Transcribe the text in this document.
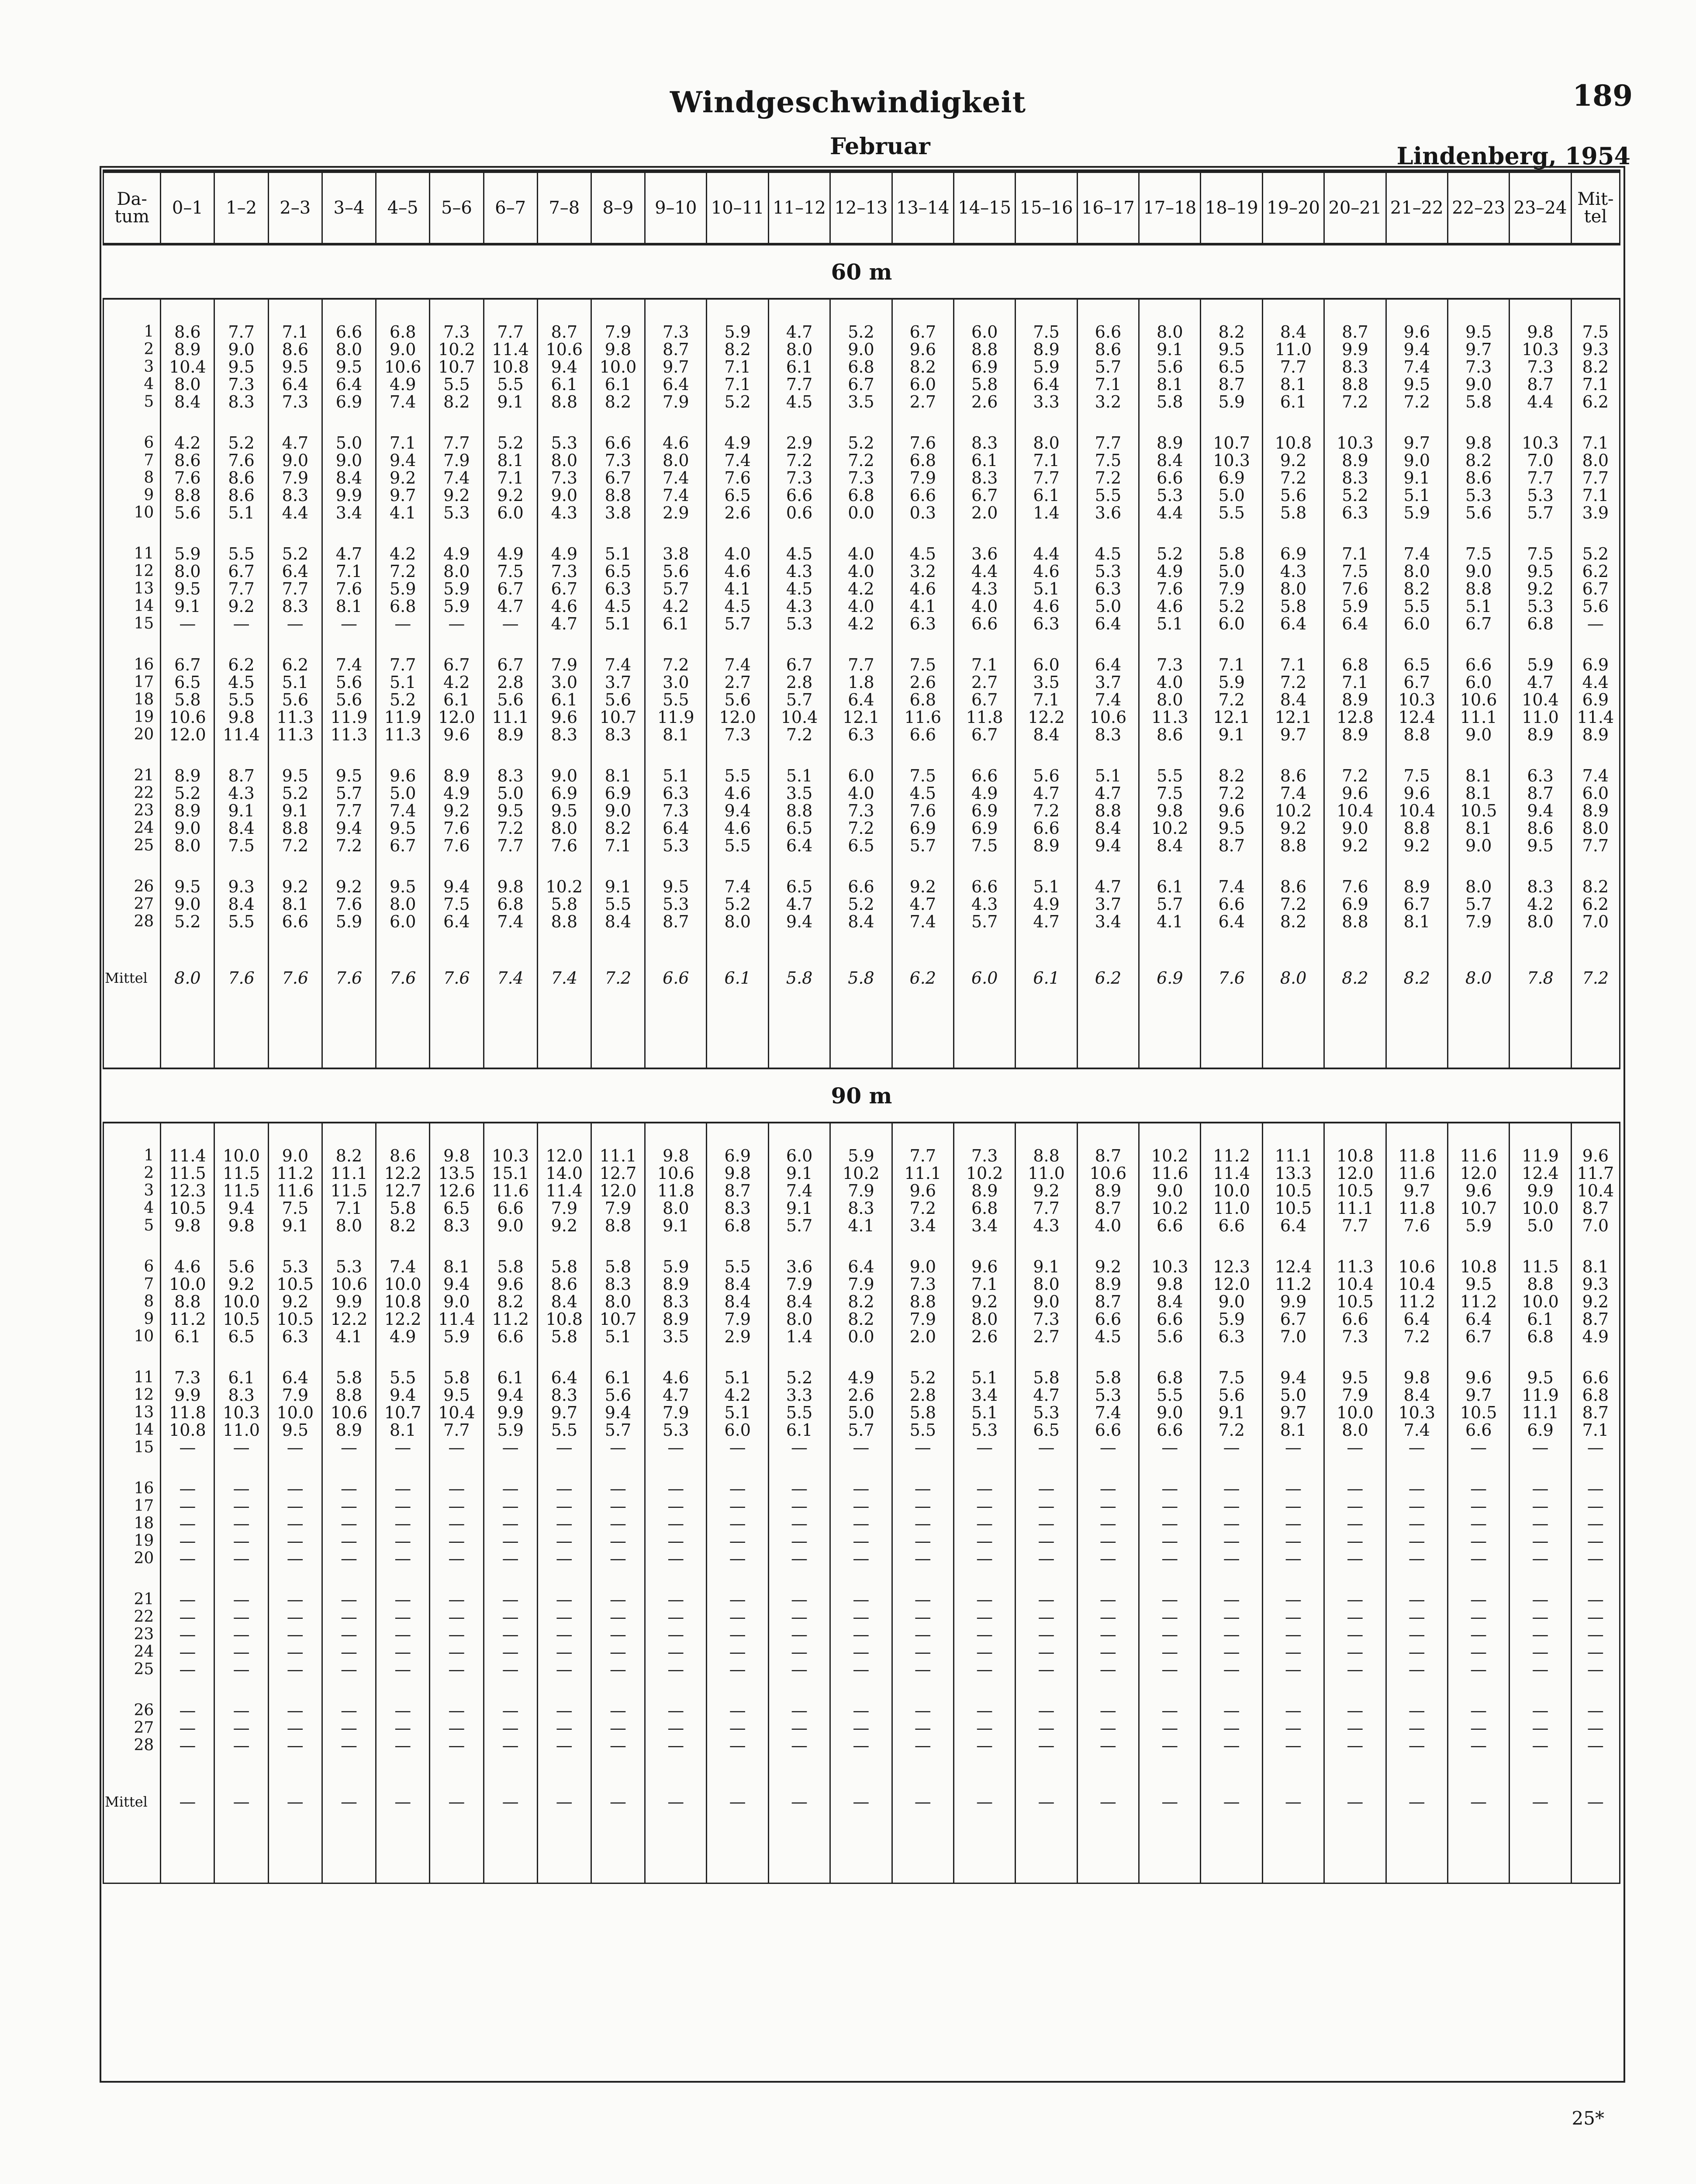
Windgeschwindigkeit	189
Februar	Lindenberg, 1954
Da-tum	0–1	1–2	2–3	3–4	4–5	5–6	6–7	7–8	8–9	9–10	10–11	11–12	12–13	13–14	14–15	15–16	16–17	17–18	18–19	19–20	20–21	21–22	22–23	23–24	Mit-tel
60 m																									

1	8.6	7.7	7.1	6.6	6.8	7.3	7.7	8.7	7.9	7.3	5.9	4.7	5.2	6.7	6.0	7.5	6.6	8.0	8.2	8.4	8.7	9.6	9.5	9.8	7.5
2	8.9	9.0	8.6	8.0	9.0	10.2	11.4	10.6	9.8	8.7	8.2	8.0	9.0	9.6	8.8	8.9	8.6	9.1	9.5	11.0	9.9	9.4	9.7	10.3	9.3
3	10.4	9.5	9.5	9.5	10.6	10.7	10.8	9.4	10.0	9.7	7.1	6.1	6.8	8.2	6.9	5.9	5.7	5.6	6.5	7.7	8.3	7.4	7.3	7.3	8.2
4	8.0	7.3	6.4	6.4	4.9	5.5	5.5	6.1	6.1	6.4	7.1	7.7	6.7	6.0	5.8	6.4	7.1	8.1	8.7	8.1	8.8	9.5	9.0	8.7	7.1
5	8.4	8.3	7.3	6.9	7.4	8.2	9.1	8.8	8.2	7.9	5.2	4.5	3.5	2.7	2.6	3.3	3.2	5.8	5.9	6.1	7.2	7.2	5.8	4.4	6.2

6	4.2	5.2	4.7	5.0	7.1	7.7	5.2	5.3	6.6	4.6	4.9	2.9	5.2	7.6	8.3	8.0	7.7	8.9	10.7	10.8	10.3	9.7	9.8	10.3	7.1
7	8.6	7.6	9.0	9.0	9.4	7.9	8.1	8.0	7.3	8.0	7.4	7.2	7.2	6.8	6.1	7.1	7.5	8.4	10.3	9.2	8.9	9.0	8.2	7.0	8.0
8	7.6	8.6	7.9	8.4	9.2	7.4	7.1	7.3	6.7	7.4	7.6	7.3	7.3	7.9	8.3	7.7	7.2	6.6	6.9	7.2	8.3	9.1	8.6	7.7	7.7
9	8.8	8.6	8.3	9.9	9.7	9.2	9.2	9.0	8.8	7.4	6.5	6.6	6.8	6.6	6.7	6.1	5.5	5.3	5.0	5.6	5.2	5.1	5.3	5.3	7.1
10	5.6	5.1	4.4	3.4	4.1	5.3	6.0	4.3	3.8	2.9	2.6	0.6	0.0	0.3	2.0	1.4	3.6	4.4	5.5	5.8	6.3	5.9	5.6	5.7	3.9

11	5.9	5.5	5.2	4.7	4.2	4.9	4.9	4.9	5.1	3.8	4.0	4.5	4.0	4.5	3.6	4.4	4.5	5.2	5.8	6.9	7.1	7.4	7.5	7.5	5.2
12	8.0	6.7	6.4	7.1	7.2	8.0	7.5	7.3	6.5	5.6	4.6	4.3	4.0	3.2	4.4	4.6	5.3	4.9	5.0	4.3	7.5	8.0	9.0	9.5	6.2
13	9.5	7.7	7.7	7.6	5.9	5.9	6.7	6.7	6.3	5.7	4.1	4.5	4.2	4.6	4.3	5.1	6.3	7.6	7.9	8.0	7.6	8.2	8.8	9.2	6.7
14	9.1	9.2	8.3	8.1	6.8	5.9	4.7	4.6	4.5	4.2	4.5	4.3	4.0	4.1	4.0	4.6	5.0	4.6	5.2	5.8	5.9	5.5	5.1	5.3	5.6
15	—	—	—	—	—	—	—	4.7	5.1	6.1	5.7	5.3	4.2	6.3	6.6	6.3	6.4	5.1	6.0	6.4	6.4	6.0	6.7	6.8	—

16	6.7	6.2	6.2	7.4	7.7	6.7	6.7	7.9	7.4	7.2	7.4	6.7	7.7	7.5	7.1	6.0	6.4	7.3	7.1	7.1	6.8	6.5	6.6	5.9	6.9
17	6.5	4.5	5.1	5.6	5.1	4.2	2.8	3.0	3.7	3.0	2.7	2.8	1.8	2.6	2.7	3.5	3.7	4.0	5.9	7.2	7.1	6.7	6.0	4.7	4.4
18	5.8	5.5	5.6	5.6	5.2	6.1	5.6	6.1	5.6	5.5	5.6	5.7	6.4	6.8	6.7	7.1	7.4	8.0	7.2	8.4	8.9	10.3	10.6	10.4	6.9
19	10.6	9.8	11.3	11.9	11.9	12.0	11.1	9.6	10.7	11.9	12.0	10.4	12.1	11.6	11.8	12.2	10.6	11.3	12.1	12.1	12.8	12.4	11.1	11.0	11.4
20	12.0	11.4	11.3	11.3	11.3	9.6	8.9	8.3	8.3	8.1	7.3	7.2	6.3	6.6	6.7	8.4	8.3	8.6	9.1	9.7	8.9	8.8	9.0	8.9	8.9

21	8.9	8.7	9.5	9.5	9.6	8.9	8.3	9.0	8.1	5.1	5.5	5.1	6.0	7.5	6.6	5.6	5.1	5.5	8.2	8.6	7.2	7.5	8.1	6.3	7.4
22	5.2	4.3	5.2	5.7	5.0	4.9	5.0	6.9	6.9	6.3	4.6	3.5	4.0	4.5	4.9	4.7	4.7	7.5	7.2	7.4	9.6	9.6	8.1	8.7	6.0
23	8.9	9.1	9.1	7.7	7.4	9.2	9.5	9.5	9.0	7.3	9.4	8.8	7.3	7.6	6.9	7.2	8.8	9.8	9.6	10.2	10.4	10.4	10.5	9.4	8.9
24	9.0	8.4	8.8	9.4	9.5	7.6	7.2	8.0	8.2	6.4	4.6	6.5	7.2	6.9	6.9	6.6	8.4	10.2	9.5	9.2	9.0	8.8	8.1	8.6	8.0
25	8.0	7.5	7.2	7.2	6.7	7.6	7.7	7.6	7.1	5.3	5.5	6.4	6.5	5.7	7.5	8.9	9.4	8.4	8.7	8.8	9.2	9.2	9.0	9.5	7.7

26	9.5	9.3	9.2	9.2	9.5	9.4	9.8	10.2	9.1	9.5	7.4	6.5	6.6	9.2	6.6	5.1	4.7	6.1	7.4	8.6	7.6	8.9	8.0	8.3	8.2
27	9.0	8.4	8.1	7.6	8.0	7.5	6.8	5.8	5.5	5.3	5.2	4.7	5.2	4.7	4.3	4.9	3.7	5.7	6.6	7.2	6.9	6.7	5.7	4.2	6.2
28	5.2	5.5	6.6	5.9	6.0	6.4	7.4	8.8	8.4	8.7	8.0	9.4	8.4	7.4	5.7	4.7	3.4	4.1	6.4	8.2	8.8	8.1	7.9	8.0	7.0

Mittel	8.0	7.6	7.6	7.6	7.6	7.6	7.4	7.4	7.2	6.6	6.1	5.8	5.8	6.2	6.0	6.1	6.2	6.9	7.6	8.0	8.2	8.2	8.0	7.8	7.2

90 m																									

1	11.4	10.0	9.0	8.2	8.6	9.8	10.3	12.0	11.1	9.8	6.9	6.0	5.9	7.7	7.3	8.8	8.7	10.2	11.2	11.1	10.8	11.8	11.6	11.9	9.6
2	11.5	11.5	11.2	11.1	12.2	13.5	15.1	14.0	12.7	10.6	9.8	9.1	10.2	11.1	10.2	11.0	10.6	11.6	11.4	13.3	12.0	11.6	12.0	12.4	11.7
3	12.3	11.5	11.6	11.5	12.7	12.6	11.6	11.4	12.0	11.8	8.7	7.4	7.9	9.6	8.9	9.2	8.9	9.0	10.0	10.5	10.5	9.7	9.6	9.9	10.4
4	10.5	9.4	7.5	7.1	5.8	6.5	6.6	7.9	7.9	8.0	8.3	9.1	8.3	7.2	6.8	7.7	8.7	10.2	11.0	10.5	11.1	11.8	10.7	10.0	8.7
5	9.8	9.8	9.1	8.0	8.2	8.3	9.0	9.2	8.8	9.1	6.8	5.7	4.1	3.4	3.4	4.3	4.0	6.6	6.6	6.4	7.7	7.6	5.9	5.0	7.0

6	4.6	5.6	5.3	5.3	7.4	8.1	5.8	5.8	5.8	5.9	5.5	3.6	6.4	9.0	9.6	9.1	9.2	10.3	12.3	12.4	11.3	10.6	10.8	11.5	8.1
7	10.0	9.2	10.5	10.6	10.0	9.4	9.6	8.6	8.3	8.9	8.4	7.9	7.9	7.3	7.1	8.0	8.9	9.8	12.0	11.2	10.4	10.4	9.5	8.8	9.3
8	8.8	10.0	9.2	9.9	10.8	9.0	8.2	8.4	8.0	8.3	8.4	8.4	8.2	8.8	9.2	9.0	8.7	8.4	9.0	9.9	10.5	11.2	11.2	10.0	9.2
9	11.2	10.5	10.5	12.2	12.2	11.4	11.2	10.8	10.7	8.9	7.9	8.0	8.2	7.9	8.0	7.3	6.6	6.6	5.9	6.7	6.6	6.4	6.4	6.1	8.7
10	6.1	6.5	6.3	4.1	4.9	5.9	6.6	5.8	5.1	3.5	2.9	1.4	0.0	2.0	2.6	2.7	4.5	5.6	6.3	7.0	7.3	7.2	6.7	6.8	4.9

11	7.3	6.1	6.4	5.8	5.5	5.8	6.1	6.4	6.1	4.6	5.1	5.2	4.9	5.2	5.1	5.8	5.8	6.8	7.5	9.4	9.5	9.8	9.6	9.5	6.6
12	9.9	8.3	7.9	8.8	9.4	9.5	9.4	8.3	5.6	4.7	4.2	3.3	2.6	2.8	3.4	4.7	5.3	5.5	5.6	5.0	7.9	8.4	9.7	11.9	6.8
13	11.8	10.3	10.0	10.6	10.7	10.4	9.9	9.7	9.4	7.9	5.1	5.5	5.0	5.8	5.1	5.3	7.4	9.0	9.1	9.7	10.0	10.3	10.5	11.1	8.7
14	10.8	11.0	9.5	8.9	8.1	7.7	5.9	5.5	5.7	5.3	6.0	6.1	5.7	5.5	5.3	6.5	6.6	6.6	7.2	8.1	8.0	7.4	6.6	6.9	7.1
15	—	—	—	—	—	—	—	—	—	—	—	—	—	—	—	—	—	—	—	—	—	—	—	—	—

16	—	—	—	—	—	—	—	—	—	—	—	—	—	—	—	—	—	—	—	—	—	—	—	—	—
17	—	—	—	—	—	—	—	—	—	—	—	—	—	—	—	—	—	—	—	—	—	—	—	—	—
18	—	—	—	—	—	—	—	—	—	—	—	—	—	—	—	—	—	—	—	—	—	—	—	—	—
19	—	—	—	—	—	—	—	—	—	—	—	—	—	—	—	—	—	—	—	—	—	—	—	—	—
20	—	—	—	—	—	—	—	—	—	—	—	—	—	—	—	—	—	—	—	—	—	—	—	—	—

21	—	—	—	—	—	—	—	—	—	—	—	—	—	—	—	—	—	—	—	—	—	—	—	—	—
22	—	—	—	—	—	—	—	—	—	—	—	—	—	—	—	—	—	—	—	—	—	—	—	—	—
23	—	—	—	—	—	—	—	—	—	—	—	—	—	—	—	—	—	—	—	—	—	—	—	—	—
24	—	—	—	—	—	—	—	—	—	—	—	—	—	—	—	—	—	—	—	—	—	—	—	—	—
25	—	—	—	—	—	—	—	—	—	—	—	—	—	—	—	—	—	—	—	—	—	—	—	—	—

26	—	—	—	—	—	—	—	—	—	—	—	—	—	—	—	—	—	—	—	—	—	—	—	—	—
27	—	—	—	—	—	—	—	—	—	—	—	—	—	—	—	—	—	—	—	—	—	—	—	—	—
28	—	—	—	—	—	—	—	—	—	—	—	—	—	—	—	—	—	—	—	—	—	—	—	—	—

Mittel	—	—	—	—	—	—	—	—	—	—	—	—	—	—	—	—	—	—	—	—	—	—	—	—	—

25*
